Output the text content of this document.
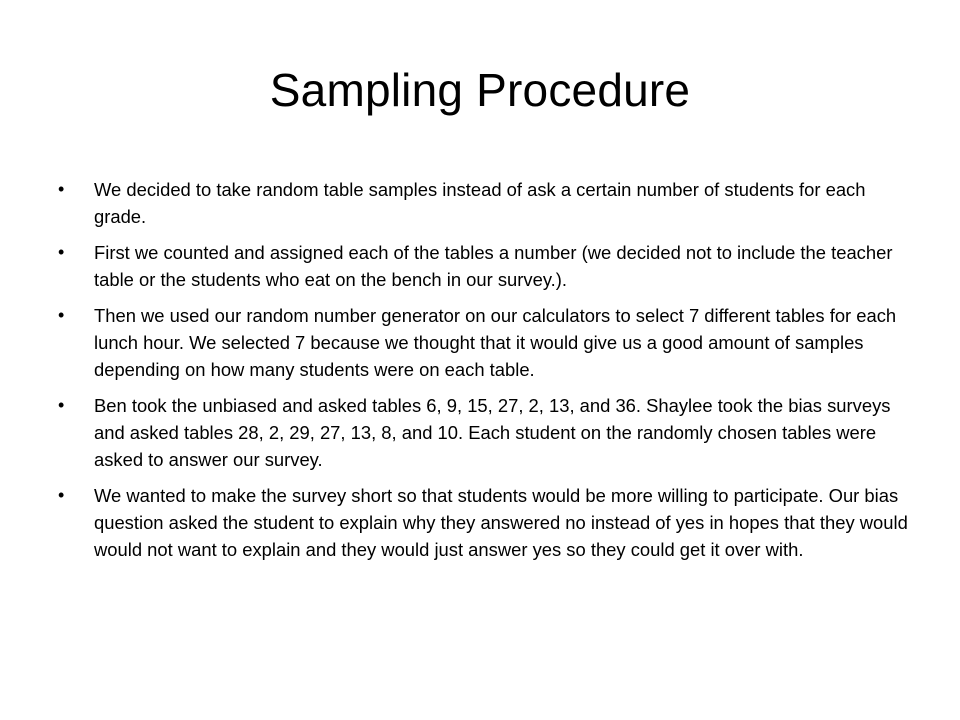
Sampling Procedure
•	We decided to take random table samples instead of ask a certain number of students for each grade.
•	First we counted and assigned each of the tables a number (we decided not to include the teacher table or the students who eat on the bench in our survey.).
•	Then we used our random number generator on our calculators to select 7 different tables for each lunch hour. We selected 7 because we thought that it would give us a good amount of samples depending on how many students were on each table.
•	Ben took the unbiased and asked tables 6, 9, 15, 27, 2, 13, and 36. Shaylee took the bias surveys and asked tables 28, 2, 29, 27, 13, 8, and 10. Each student on the randomly chosen tables were asked to answer our survey.
•	We wanted to make the survey short so that students would be more willing to participate. Our bias question asked the student to explain why they answered no instead of yes in hopes that they would would not want to explain and they would just answer yes so they could get it over with.
